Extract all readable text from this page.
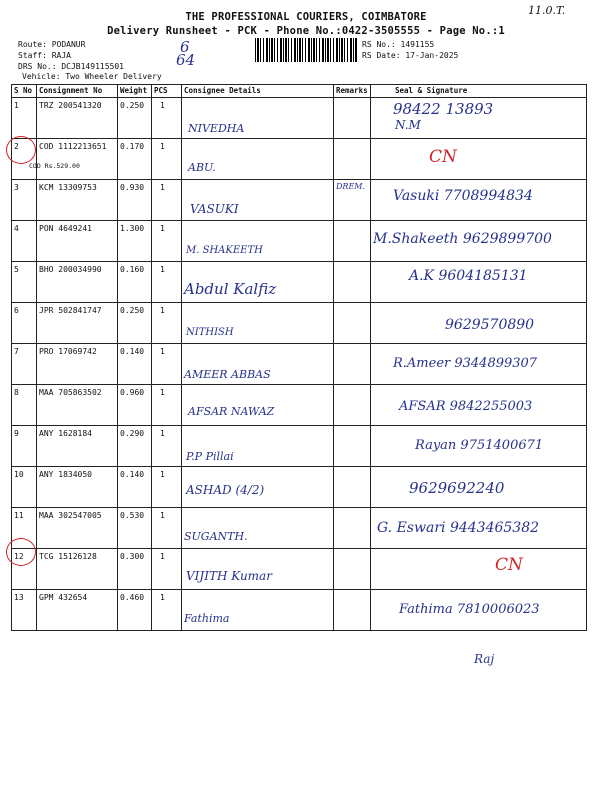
THE PROFESSIONAL COURIERS, COIMBATORE
Delivery Runsheet - PCK - Phone No.:0422-3505555 - Page No.:1
11.0.T.
Route: PODANUR
Staff: RAJA
DRS No.: DCJB149115501
Vehicle: Two Wheeler Delivery
6
64
RS No.: 1491155
RS Date: 17-Jan-2025
S No	Consignment No	Weight	PCS	Consignee Details	Remarks	Seal & Signature

1	TRZ 200541320	0.250	1	NIVEDHA		98422 13893
N.M

2	COD 1112213651
COD Rs.529.00	0.170	1	ABU.		CN

3	KCM 13309753	0.930	1	VASUKI	DREM.	Vasuki 7708994834

4	PON 4649241	1.300	1	M. SHAKEETH		M.Shakeeth 9629899700

5	BHO 200034990	0.160	1	Abdul Kalfiz		A.K 9604185131

6	JPR 502841747	0.250	1	NITHISH		9629570890

7	PRO 17069742	0.140	1	AMEER ABBAS		R.Ameer 9344899307

8	MAA 705863502	0.960	1	AFSAR NAWAZ		AFSAR 9842255003

9	ANY 1628184	0.290	1	P.P Pillai		Rayan 9751400671

10	ANY 1834050	0.140	1	ASHAD (4/2)		9629692240

11	MAA 302547005	0.530	1	SUGANTH.		G. Eswari 9443465382

12	TCG 15126128	0.300	1	VIJITH Kumar		CN

13	GPM 432654	0.460	1	Fathima		Fathima 7810006023
Raj
